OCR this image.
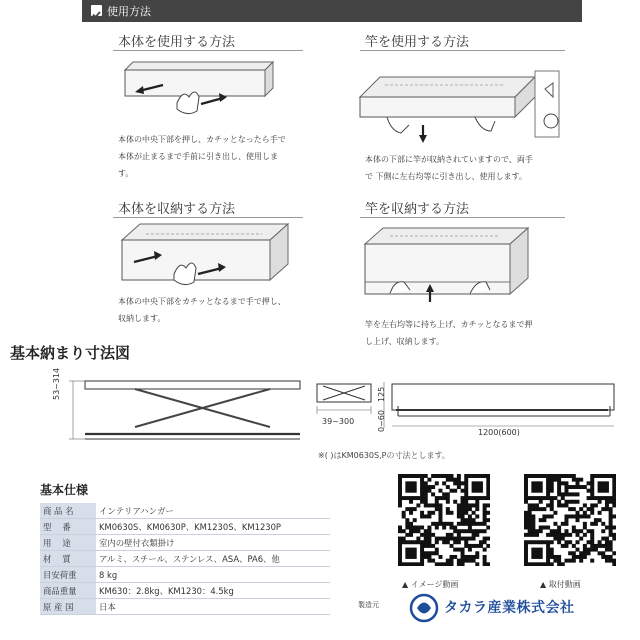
使用方法
本体を使用する方法
本体の中央下部を押し、カチッとなったら手で
本体が止まるまで手前に引き出し、使用しま
す。
竿を使用する方法
本体の下部に竿が収納されていますので、両手
で 下側に左右均等に引き出し、使用します。
本体を収納する方法
本体の中央下部をカチッとなるまで手で押し、
収納します。
竿を収納する方法
竿を左右均等に持ち上げ、カチッとなるまで押
し上げ、収納します。
基本納まり寸法図
53~314
39~300
125
0~60
1200(600)
※( )はKM0630S,Pの寸法とします。
基本仕様
商 品 名	インテリアハンガー
型　 番	KM0630S、KM0630P、KM1230S、KM1230P
用　 途	室内の壁付衣類掛け
材　 質	アルミ、スチール、ステンレス、ASA、PA6、他
目安荷重	8 kg
商品重量	KM630：2.8kg、KM1230：4.5kg
原 産 国	日本
▲ イメージ動画	▲ 取付動画
製造元	タカラ産業株式会社
